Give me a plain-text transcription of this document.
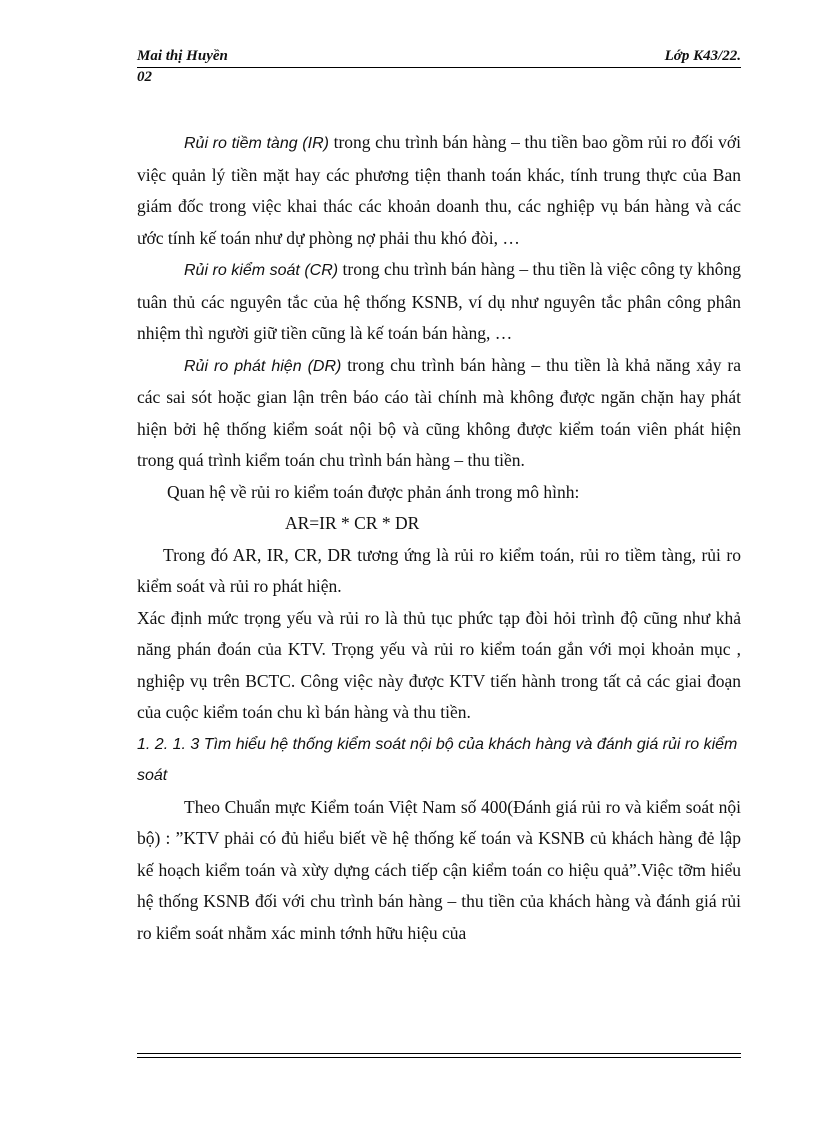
Mai thị Huyền	Lớp K43/22.
02

Rủi ro tiềm tàng (IR) trong chu trình bán hàng – thu tiền bao gồm rủi ro đối với việc quản lý tiền mặt hay các phương tiện thanh toán khác, tính trung thực của Ban giám đốc trong việc khai thác các khoản doanh thu, các nghiệp vụ bán hàng và các ước tính kế toán như dự phòng nợ phải thu khó đòi, …

Rủi ro kiểm soát (CR) trong chu trình bán hàng – thu tiền là việc công ty không tuân thủ các nguyên tắc của hệ thống KSNB, ví dụ như nguyên tắc phân công phân nhiệm thì người giữ tiền cũng là kế toán bán hàng, …

Rủi ro phát hiện (DR) trong chu trình bán hàng – thu tiền là khả năng xảy ra các sai sót hoặc gian lận trên báo cáo tài chính mà không được ngăn chặn hay phát hiện bởi hệ thống kiểm soát nội bộ và cũng không được kiểm toán viên phát hiện trong quá trình kiểm toán chu trình bán hàng – thu tiền.

Quan hệ về rủi ro kiểm toán được phản ánh trong mô hình:

AR=IR * CR * DR

Trong đó AR, IR, CR, DR tương ứng là rủi ro kiểm toán, rủi ro tiềm tàng, rủi ro kiểm soát và rủi ro phát hiện.

Xác định mức trọng yếu và rủi ro là thủ tục phức tạp đòi hỏi trình độ cũng như khả năng phán đoán của KTV. Trọng yếu và rủi ro kiểm toán gắn với mọi khoản mục , nghiệp vụ trên BCTC. Công việc này được KTV tiến hành trong tất cả các giai đoạn của cuộc kiểm toán chu kì bán hàng và thu tiền.

1. 2. 1. 3 Tìm hiểu hệ thống kiểm soát nội bộ của khách hàng và đánh giá rủi ro kiểm soát

Theo Chuẩn mực Kiểm toán Việt Nam số 400(Đánh giá rủi ro và kiểm soát nội bộ) : ”KTV phải có đủ hiểu biết về hệ thống kế toán và KSNB củ khách hàng đẻ lập kế hoạch kiểm toán và xừy dựng cách tiếp cận kiểm toán co hiệu quả”.Việc tỡm hiểu hệ thống KSNB đối với chu trình bán hàng – thu tiền của khách hàng và đánh giá rủi ro kiểm soát nhằm xác minh tớnh hữu hiệu của
